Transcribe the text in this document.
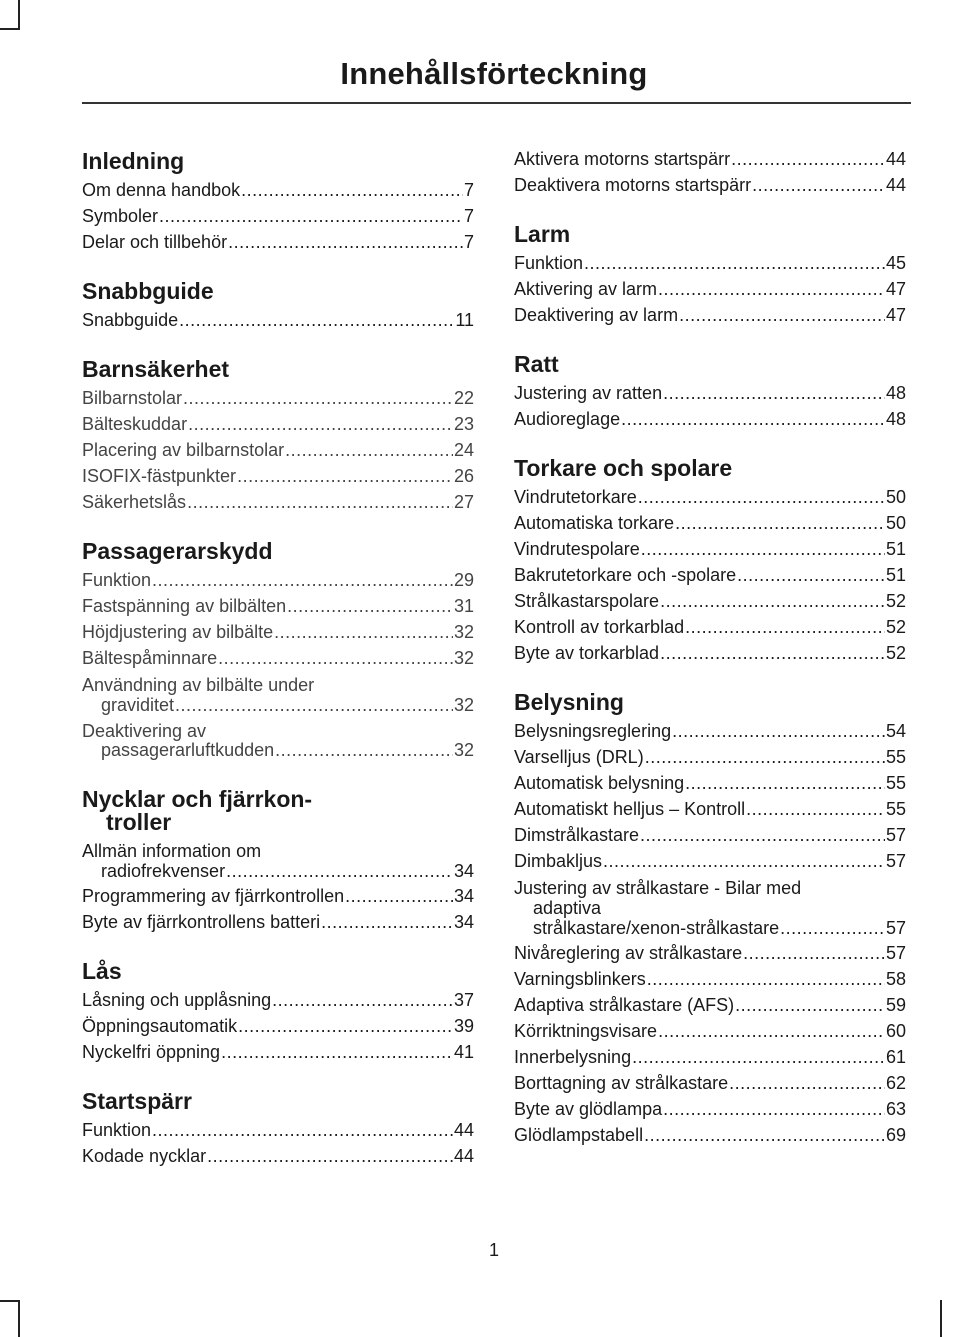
Innehållsförteckning
Inledning
Om denna handbok .....	7
Symboler .....	7
Delar och tillbehör .....	7
Snabbguide
Snabbguide .....	11
Barnsäkerhet
Bilbarnstolar .....	22
Bälteskuddar .....	23
Placering av bilbarnstolar .....	24
ISOFIX-fästpunkter .....	26
Säkerhetslås .....	27
Passagerarskydd
Funktion .....	29
Fastspänning av bilbälten .....	31
Höjdjustering av bilbälte .....	32
Bältespåminnare .....	32
Användning av bilbälte under
graviditet .....	32
Deaktivering av
passagerarluftkudden .....	32
Nycklar och fjärrkon-
troller
Allmän information om
radiofrekvenser .....	34
Programmering av fjärrkontrollen .....	34
Byte av fjärrkontrollens batteri .....	34
Lås
Låsning och upplåsning .....	37
Öppningsautomatik .....	39
Nyckelfri öppning .....	41
Startspärr
Funktion .....	44
Kodade nycklar .....	44
Aktivera motorns startspärr .....	44
Deaktivera motorns startspärr .....	44
Larm
Funktion .....	45
Aktivering av larm .....	47
Deaktivering av larm .....	47
Ratt
Justering av ratten .....	48
Audioreglage .....	48
Torkare och spolare
Vindrutetorkare .....	50
Automatiska torkare .....	50
Vindrutespolare .....	51
Bakrutetorkare och -spolare .....	51
Strålkastarspolare .....	52
Kontroll av torkarblad .....	52
Byte av torkarblad .....	52
Belysning
Belysningsreglering .....	54
Varselljus (DRL) .....	55
Automatisk belysning .....	55
Automatiskt helljus – Kontroll .....	55
Dimstrålkastare .....	57
Dimbakljus .....	57
Justering av strålkastare - Bilar med
adaptiva
strålkastare/xenon-strålkastare .....	57
Nivåreglering av strålkastare .....	57
Varningsblinkers .....	58
Adaptiva strålkastare (AFS) .....	59
Körriktningsvisare .....	60
Innerbelysning .....	61
Borttagning av strålkastare .....	62
Byte av glödlampa .....	63
Glödlampstabell .....	69
1
